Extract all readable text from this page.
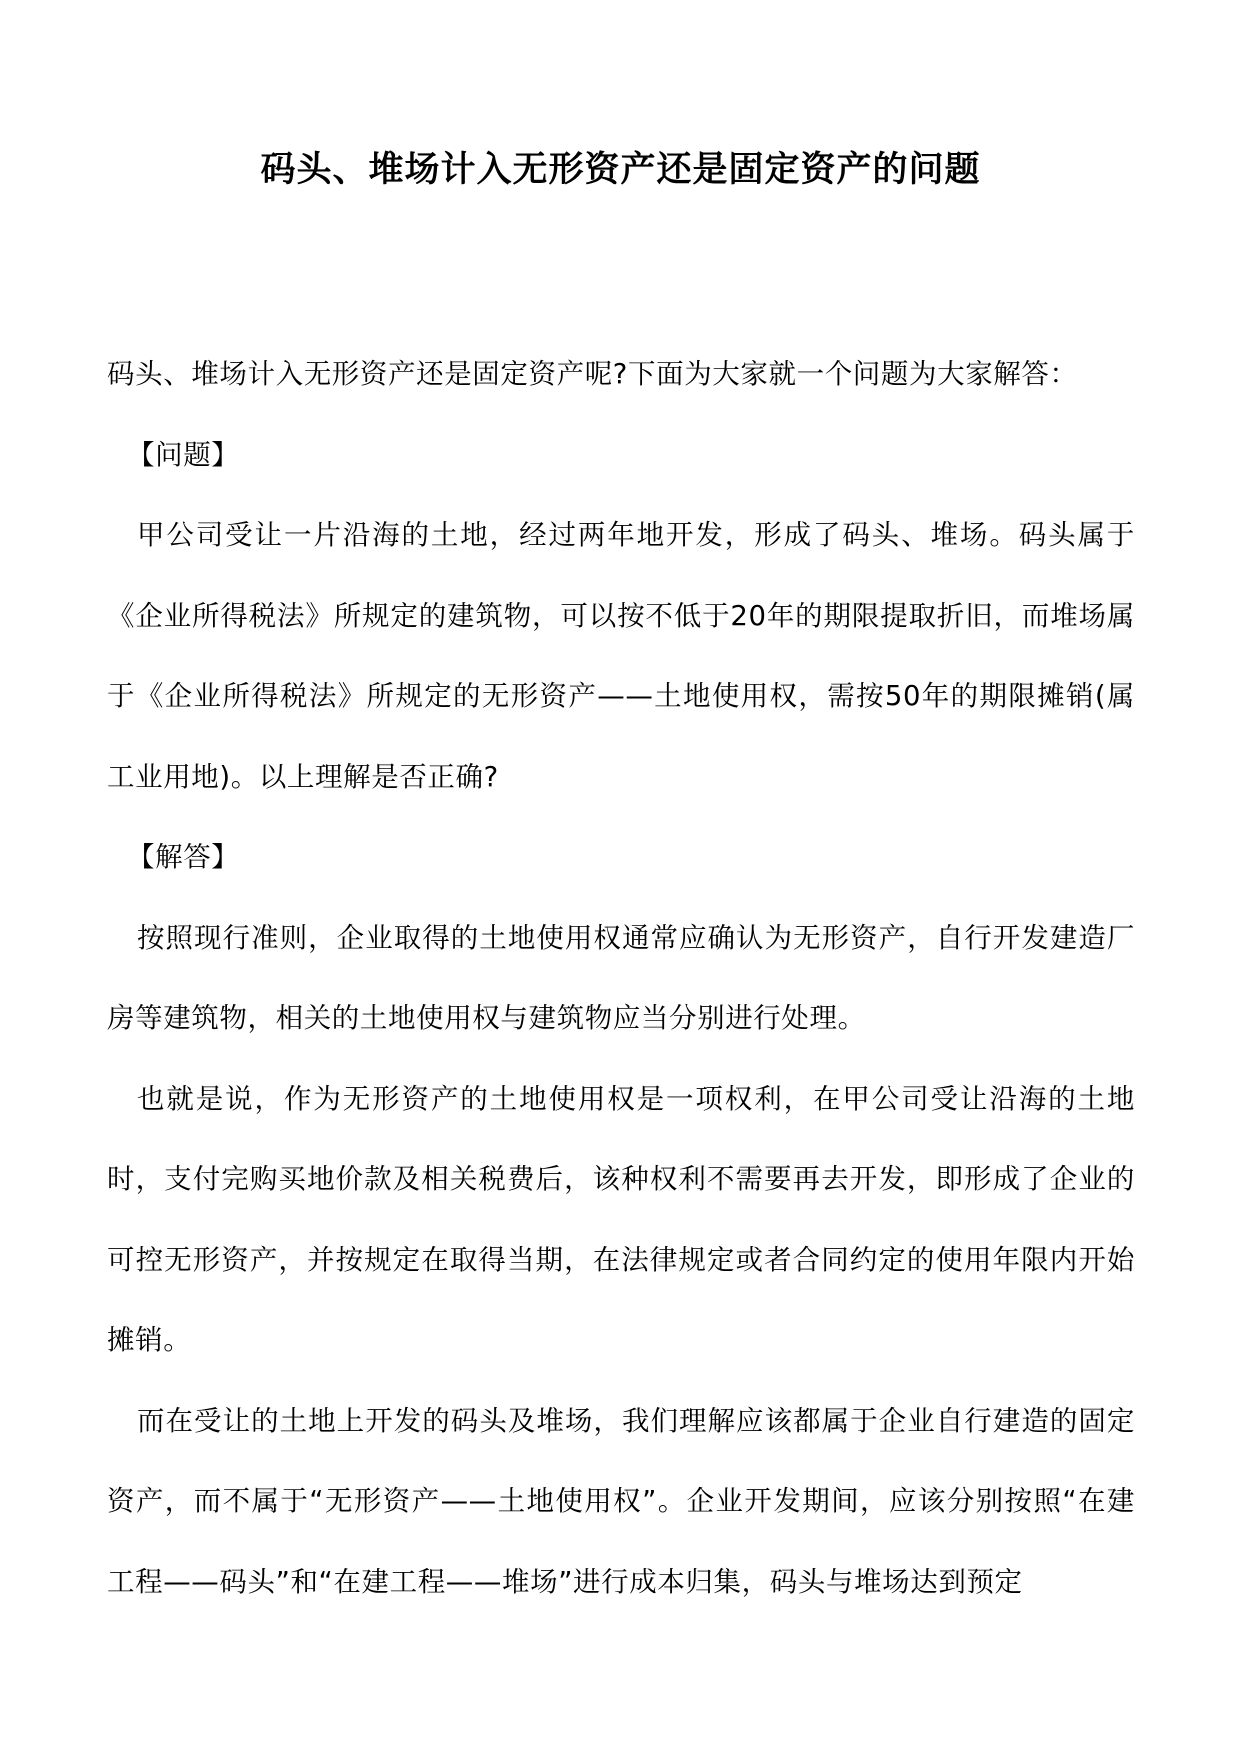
码头、堆场计入无形资产还是固定资产的问题

码头、堆场计入无形资产还是固定资产呢?下面为大家就一个问题为大家解答：

【问题】

甲公司受让一片沿海的土地，经过两年地开发，形成了码头、堆场。码头属于《企业所得税法》所规定的建筑物，可以按不低于20年的期限提取折旧，而堆场属于《企业所得税法》所规定的无形资产——土地使用权，需按50年的期限摊销(属工业用地)。以上理解是否正确?

【解答】

按照现行准则，企业取得的土地使用权通常应确认为无形资产，自行开发建造厂房等建筑物，相关的土地使用权与建筑物应当分别进行处理。

也就是说，作为无形资产的土地使用权是一项权利，在甲公司受让沿海的土地时，支付完购买地价款及相关税费后，该种权利不需要再去开发，即形成了企业的可控无形资产，并按规定在取得当期，在法律规定或者合同约定的使用年限内开始摊销。

而在受让的土地上开发的码头及堆场，我们理解应该都属于企业自行建造的固定资产，而不属于“无形资产——土地使用权”。企业开发期间，应该分别按照“在建工程——码头”和“在建工程——堆场”进行成本归集，码头与堆场达到预定
